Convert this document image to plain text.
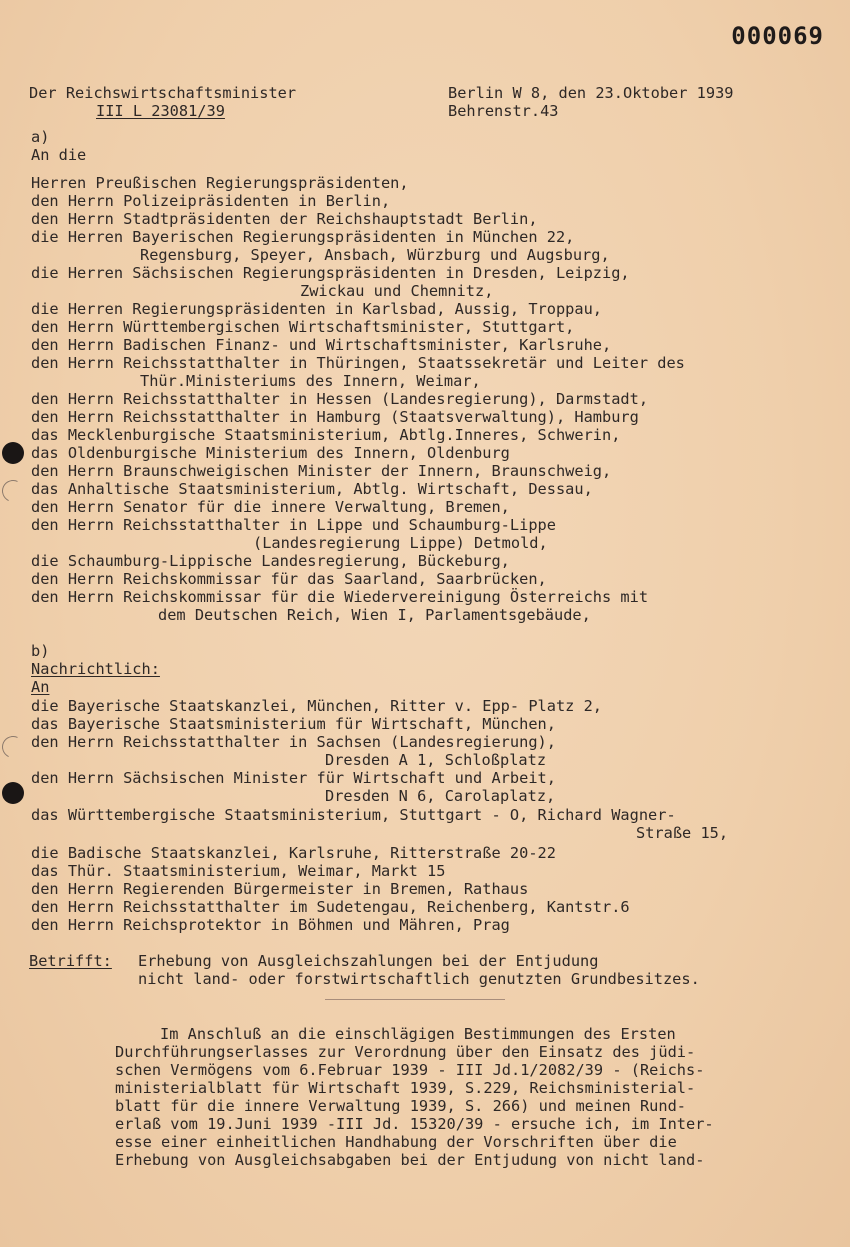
000069
Der Reichswirtschaftsminister
III L 23081/39
Berlin W 8, den 23.Oktober 1939
Behrenstr.43
a)
An die
Herren Preußischen Regierungspräsidenten,
den Herrn Polizeipräsidenten in Berlin,
den Herrn Stadtpräsidenten der Reichshauptstadt Berlin,
die Herren Bayerischen Regierungspräsidenten in München 22,
Regensburg, Speyer, Ansbach, Würzburg und Augsburg,
die Herren Sächsischen Regierungspräsidenten in Dresden, Leipzig,
Zwickau und Chemnitz,
die Herren Regierungspräsidenten in Karlsbad, Aussig, Troppau,
den Herrn Württembergischen Wirtschaftsminister, Stuttgart,
den Herrn Badischen Finanz- und Wirtschaftsminister, Karlsruhe,
den Herrn Reichsstatthalter in Thüringen, Staatssekretär und Leiter des
Thür.Ministeriums des Innern, Weimar,
den Herrn Reichsstatthalter in Hessen (Landesregierung), Darmstadt,
den Herrn Reichsstatthalter in Hamburg (Staatsverwaltung), Hamburg
das Mecklenburgische Staatsministerium, Abtlg.Inneres, Schwerin,
das Oldenburgische Ministerium des Innern, Oldenburg
den Herrn Braunschweigischen Minister der Innern, Braunschweig,
das Anhaltische Staatsministerium, Abtlg. Wirtschaft, Dessau,
den Herrn Senator für die innere Verwaltung, Bremen,
den Herrn Reichsstatthalter in Lippe und Schaumburg-Lippe
(Landesregierung Lippe) Detmold,
die Schaumburg-Lippische Landesregierung, Bückeburg,
den Herrn Reichskommissar für das Saarland, Saarbrücken,
den Herrn Reichskommissar für die Wiedervereinigung Österreichs mit
dem Deutschen Reich, Wien I, Parlamentsgebäude,
b)
Nachrichtlich:
An
die Bayerische Staatskanzlei, München, Ritter v. Epp- Platz 2,
das Bayerische Staatsministerium für Wirtschaft, München,
den Herrn Reichsstatthalter in Sachsen (Landesregierung),
Dresden A 1, Schloßplatz
den Herrn Sächsischen Minister für Wirtschaft und Arbeit,
Dresden N 6, Carolaplatz,
das Württembergische Staatsministerium, Stuttgart - O, Richard Wagner-
Straße 15,
die Badische Staatskanzlei, Karlsruhe, Ritterstraße 20-22
das Thür. Staatsministerium, Weimar, Markt 15
den Herrn Regierenden Bürgermeister in Bremen, Rathaus
den Herrn Reichsstatthalter im Sudetengau, Reichenberg, Kantstr.6
den Herrn Reichsprotektor in Böhmen und Mähren, Prag
Betrifft: Erhebung von Ausgleichszahlungen bei der Entjudung
nicht land- oder forstwirtschaftlich genutzten Grundbesitzes.
Im Anschluß an die einschlägigen Bestimmungen des Ersten
Durchführungserlasses zur Verordnung über den Einsatz des jüdi-
schen Vermögens vom 6.Februar 1939 - III Jd.1/2082/39 - (Reichs-
ministerialblatt für Wirtschaft 1939, S.229, Reichsministerial-
blatt für die innere Verwaltung 1939, S. 266) und meinen Rund-
erlaß vom 19.Juni 1939 -III Jd. 15320/39 - ersuche ich, im Inter-
esse einer einheitlichen Handhabung der Vorschriften über die
Erhebung von Ausgleichsabgaben bei der Entjudung von nicht land-
